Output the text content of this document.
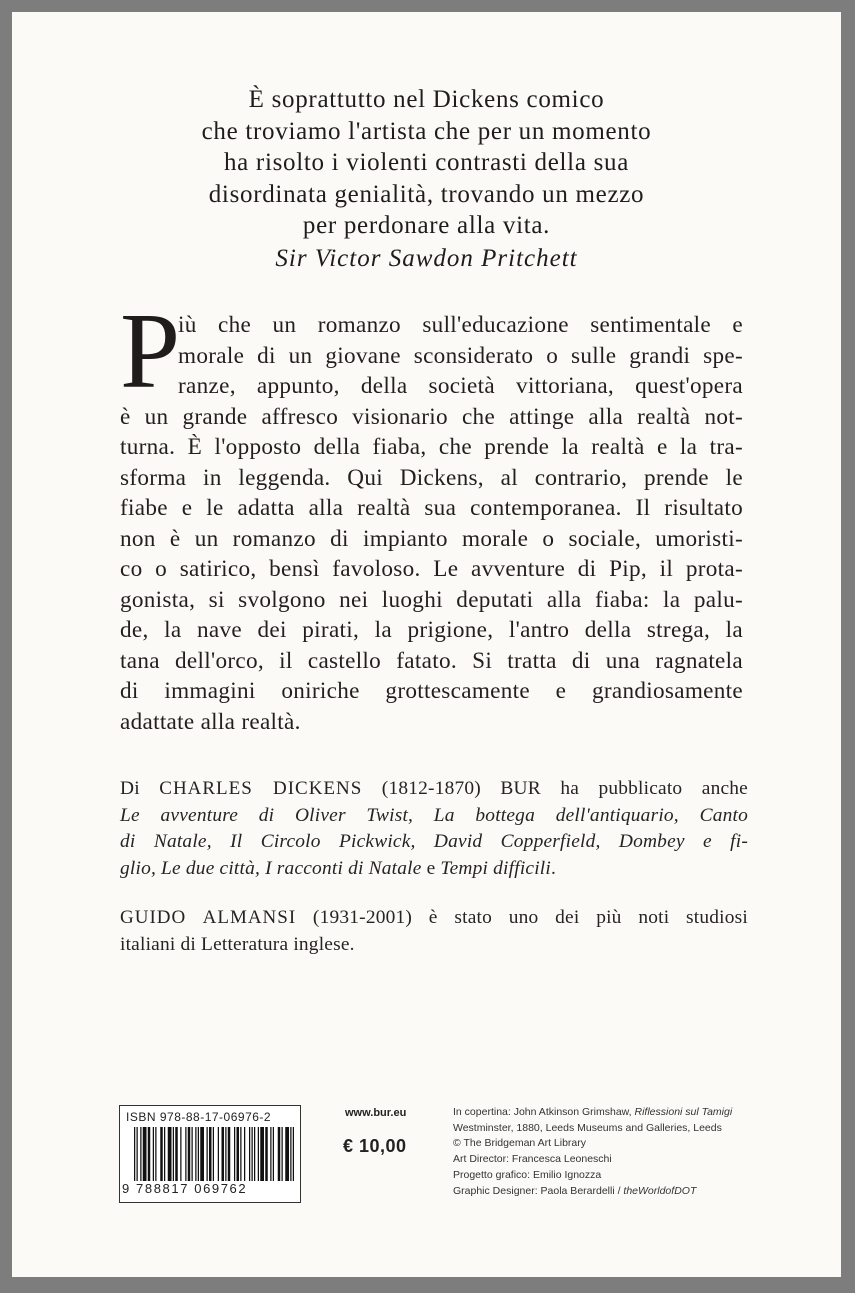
È soprattutto nel Dickens comico
che troviamo l'artista che per un momento
ha risolto i violenti contrasti della sua
disordinata genialità, trovando un mezzo
per perdonare alla vita.
Sir Victor Sawdon Pritchett
P
iù che un romanzo sull'educazione sentimentale e
morale di un giovane sconsiderato o sulle grandi spe-
ranze, appunto, della società vittoriana, quest'opera
è un grande affresco visionario che attinge alla realtà not-
turna. È l'opposto della fiaba, che prende la realtà e la tra-
sforma in leggenda. Qui Dickens, al contrario, prende le
fiabe e le adatta alla realtà sua contemporanea. Il risultato
non è un romanzo di impianto morale o sociale, umoristi-
co o satirico, bensì favoloso. Le avventure di Pip, il prota-
gonista, si svolgono nei luoghi deputati alla fiaba: la palu-
de, la nave dei pirati, la prigione, l'antro della strega, la
tana dell'orco, il castello fatato. Si tratta di una ragnatela
di immagini oniriche grottescamente e grandiosamente
adattate alla realtà.
Di CHARLES DICKENS (1812-1870) BUR ha pubblicato anche
Le avventure di Oliver Twist, La bottega dell'antiquario, Canto
di Natale, Il Circolo Pickwick, David Copperfield, Dombey e fi-
glio, Le due città, I racconti di Natale e Tempi difficili.
GUIDO ALMANSI (1931-2001) è stato uno dei più noti studiosi
italiani di Letteratura inglese.
ISBN 978-88-17-06976-2
9 788817 069762
www.bur.eu
€ 10,00
In copertina: John Atkinson Grimshaw, Riflessioni sul Tamigi
Westminster, 1880, Leeds Museums and Galleries, Leeds
© The Bridgeman Art Library
Art Director: Francesca Leoneschi
Progetto grafico: Emilio Ignozza
Graphic Designer: Paola Berardelli / theWorldofDOT
